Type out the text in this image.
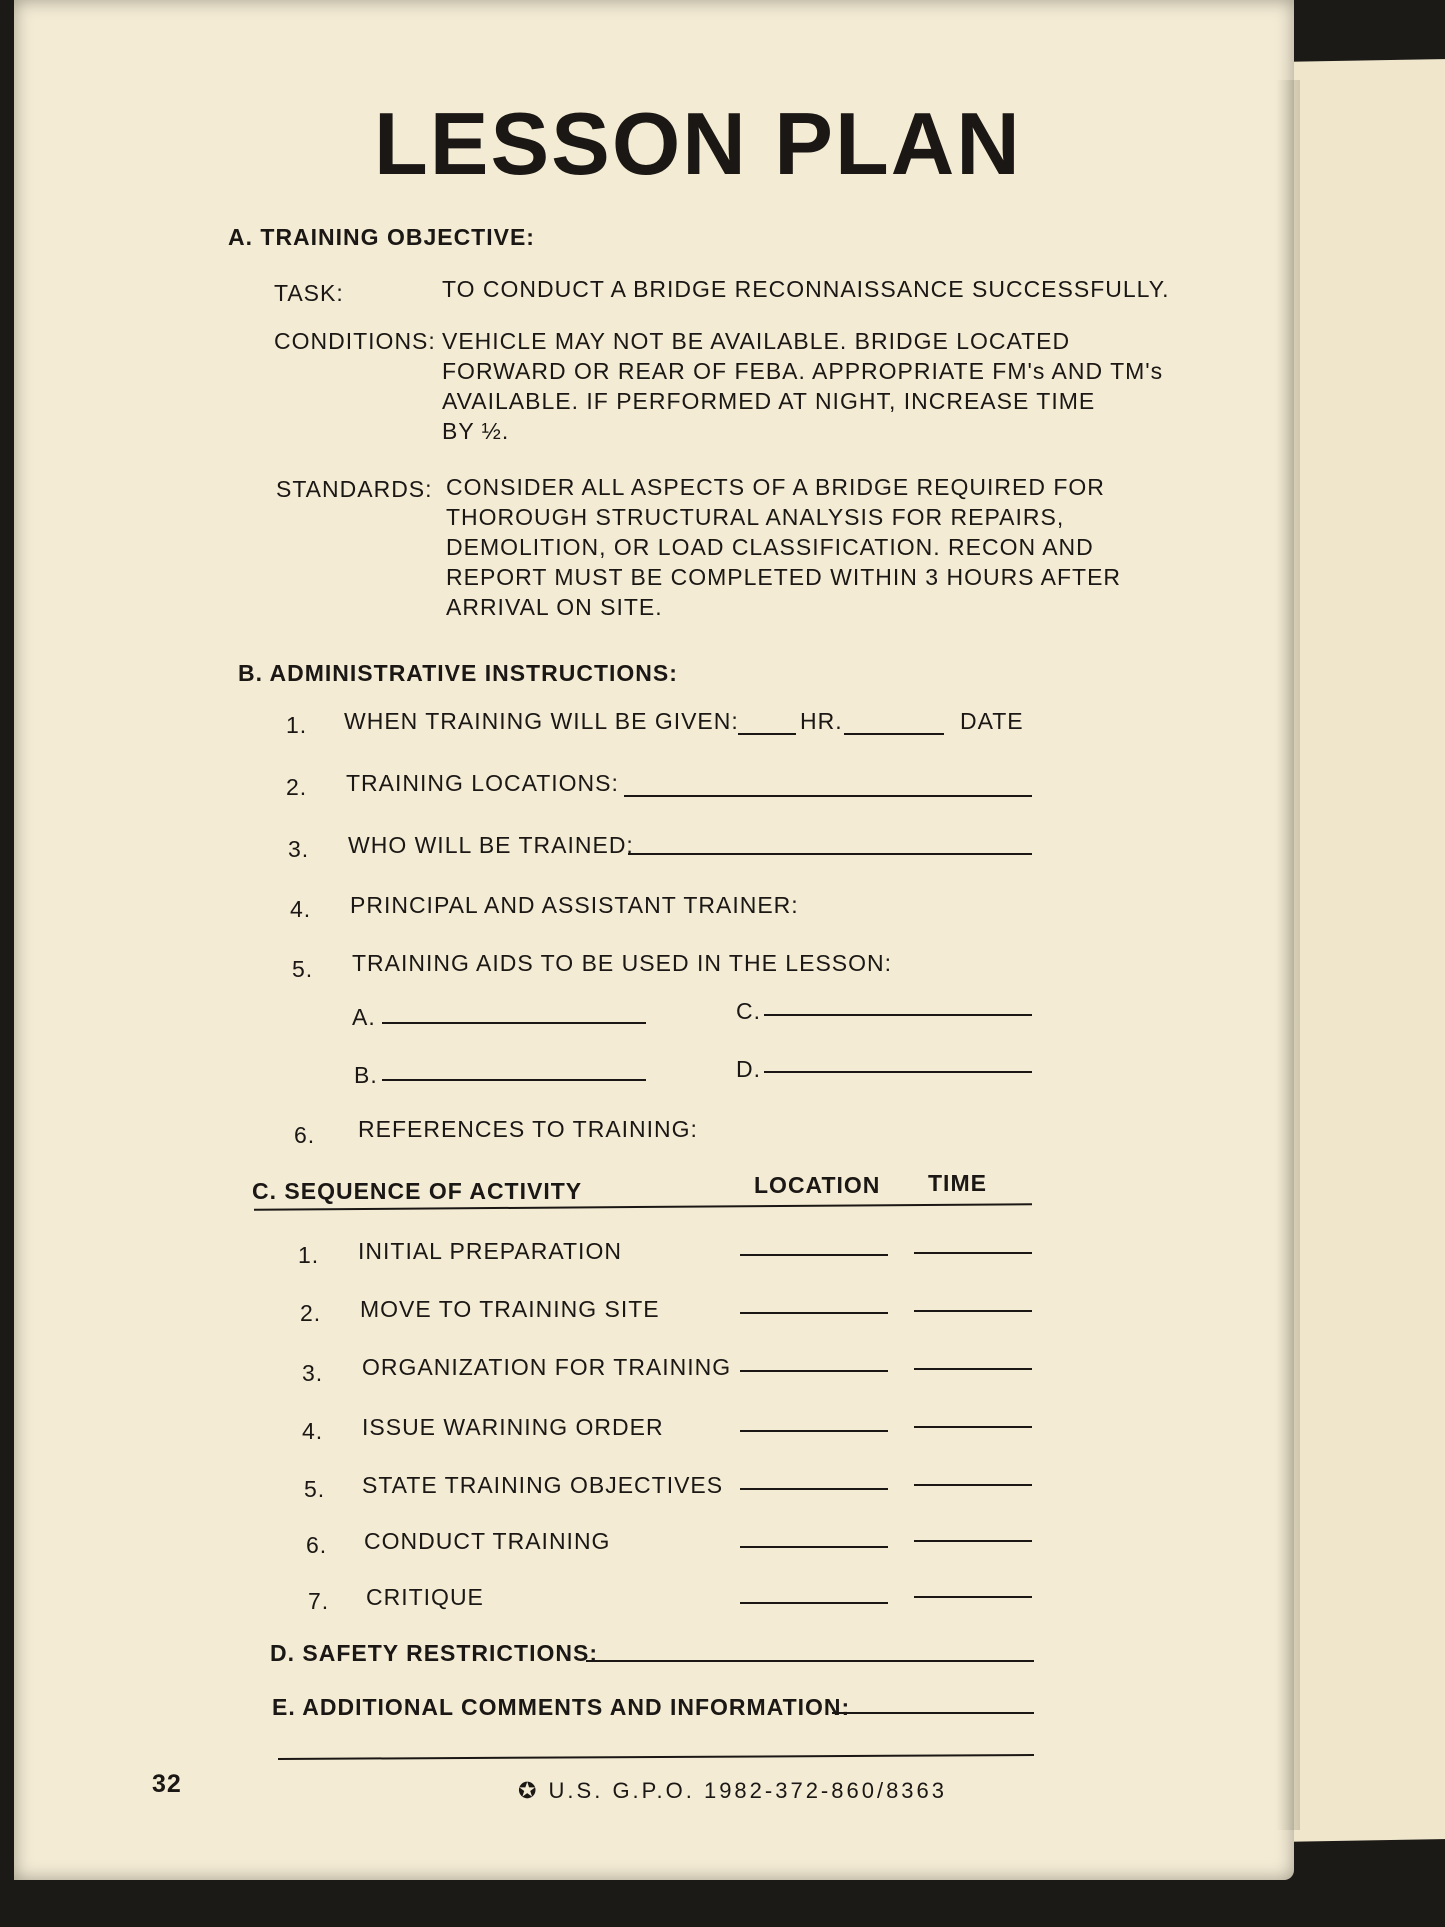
LESSON PLAN
A. TRAINING OBJECTIVE:
TASK:	TO CONDUCT A BRIDGE RECONNAISSANCE SUCCESSFULLY.
CONDITIONS: VEHICLE MAY NOT BE AVAILABLE. BRIDGE LOCATED
FORWARD OR REAR OF FEBA. APPROPRIATE FM's AND TM's
AVAILABLE. IF PERFORMED AT NIGHT, INCREASE TIME
BY ½.
STANDARDS: CONSIDER ALL ASPECTS OF A BRIDGE REQUIRED FOR
THOROUGH STRUCTURAL ANALYSIS FOR REPAIRS,
DEMOLITION, OR LOAD CLASSIFICATION. RECON AND
REPORT MUST BE COMPLETED WITHIN 3 HOURS AFTER
ARRIVAL ON SITE.
B. ADMINISTRATIVE INSTRUCTIONS:
1. WHEN TRAINING WILL BE GIVEN:	HR.	DATE
2. TRAINING LOCATIONS:
3. WHO WILL BE TRAINED:
4. PRINCIPAL AND ASSISTANT TRAINER:
5. TRAINING AIDS TO BE USED IN THE LESSON:
A.	C.
B.	D.
6. REFERENCES TO TRAINING:
C. SEQUENCE OF ACTIVITY	LOCATION TIME
1. INITIAL PREPARATION
2. MOVE TO TRAINING SITE
3. ORGANIZATION FOR TRAINING
4. ISSUE WARINING ORDER
5. STATE TRAINING OBJECTIVES
6. CONDUCT TRAINING
7. CRITIQUE
D. SAFETY RESTRICTIONS:
E. ADDITIONAL COMMENTS AND INFORMATION:
32	✪ U.S. G.P.O. 1982-372-860/8363
